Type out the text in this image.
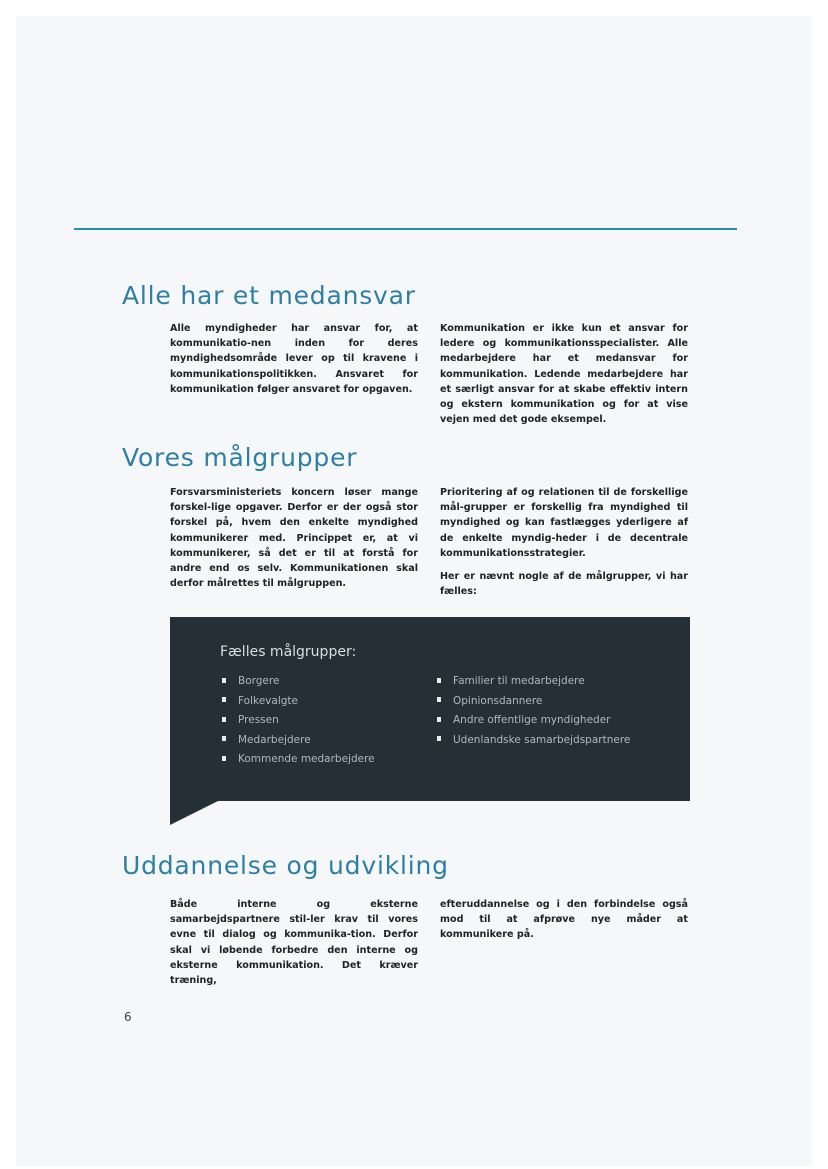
Alle har et medansvar

Alle myndigheder har ansvar for, at kommunikatio-nen inden for deres myndighedsområde lever op til kravene i kommunikationspolitikken. Ansvaret for kommunikation følger ansvaret for opgaven.

Kommunikation er ikke kun et ansvar for ledere og kommunikationsspecialister. Alle medarbejdere har et medansvar for kommunikation. Ledende medarbejdere har et særligt ansvar for at skabe effektiv intern og ekstern kommunikation og for at vise vejen med det gode eksempel.

Vores målgrupper

Forsvarsministeriets koncern løser mange forskel-lige opgaver. Derfor er der også stor forskel på, hvem den enkelte myndighed kommunikerer med. Princippet er, at vi kommunikerer, så det er til at forstå for andre end os selv. Kommunikationen skal derfor målrettes til målgruppen.

Prioritering af og relationen til de forskellige mål-grupper er forskellig fra myndighed til myndighed og kan fastlægges yderligere af de enkelte myndig-heder i de decentrale kommunikationsstrategier.

Her er nævnt nogle af de målgrupper, vi har fælles:

Fælles målgrupper:
Borgere
Folkevalgte
Pressen
Medarbejdere
Kommende medarbejdere
Familier til medarbejdere
Opinionsdannere
Andre offentlige myndigheder
Udenlandske samarbejdspartnere
Uddannelse og udvikling

Både interne og eksterne samarbejdspartnere stil-ler krav til vores evne til dialog og kommunika-tion. Derfor skal vi løbende forbedre den interne og eksterne kommunikation. Det kræver træning,

efteruddannelse og i den forbindelse også mod til at afprøve nye måder at kommunikere på.

6
